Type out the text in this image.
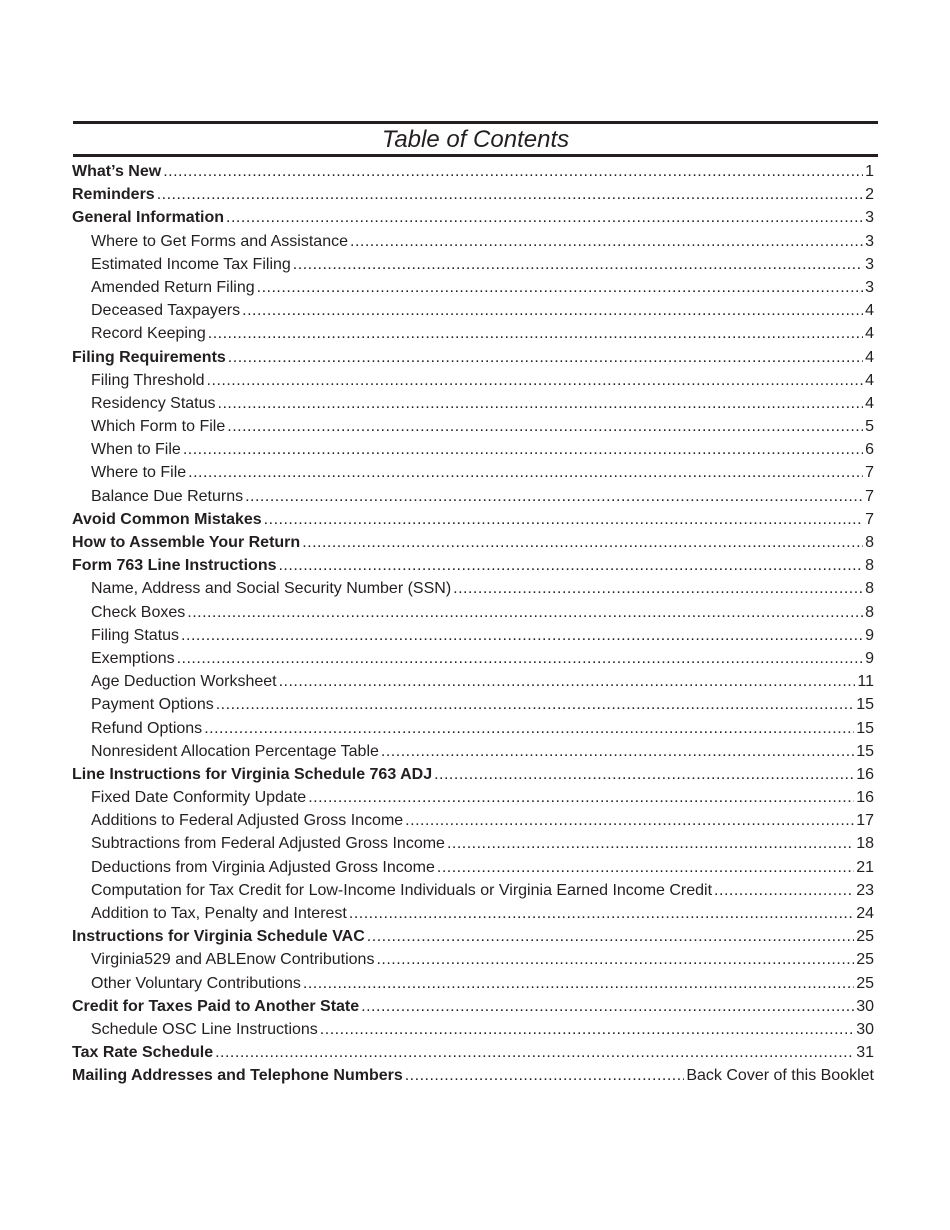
Table of Contents
What’s New .....	1
Reminders .....	2
General Information .....	3
Where to Get Forms and Assistance .....	3
Estimated Income Tax Filing .....	3
Amended Return Filing .....	3
Deceased Taxpayers .....	4
Record Keeping .....	4
Filing Requirements .....	4
Filing Threshold .....	4
Residency Status .....	4
Which Form to File .....	5
When to File .....	6
Where to File .....	7
Balance Due Returns .....	7
Avoid Common Mistakes .....	7
How to Assemble Your Return .....	8
Form 763 Line Instructions .....	8
Name, Address and Social Security Number (SSN) .....	8
Check Boxes .....	8
Filing Status .....	9
Exemptions .....	9
Age Deduction Worksheet .....	11
Payment Options .....	15
Refund Options .....	15
Nonresident Allocation Percentage Table .....	15
Line Instructions for Virginia Schedule 763 ADJ .....	16
Fixed Date Conformity Update .....	16
Additions to Federal Adjusted Gross Income .....	17
Subtractions from Federal Adjusted Gross Income .....	18
Deductions from Virginia Adjusted Gross Income .....	21
Computation for Tax Credit for Low-Income Individuals or Virginia Earned Income Credit .....	23
Addition to Tax, Penalty and Interest .....	24
Instructions for Virginia Schedule VAC .....	25
Virginia529 and ABLEnow Contributions .....	25
Other Voluntary Contributions .....	25
Credit for Taxes Paid to Another State .....	30
Schedule OSC Line Instructions .....	30
Tax Rate Schedule .....	31
Mailing Addresses and Telephone Numbers .....	Back Cover of this Booklet
